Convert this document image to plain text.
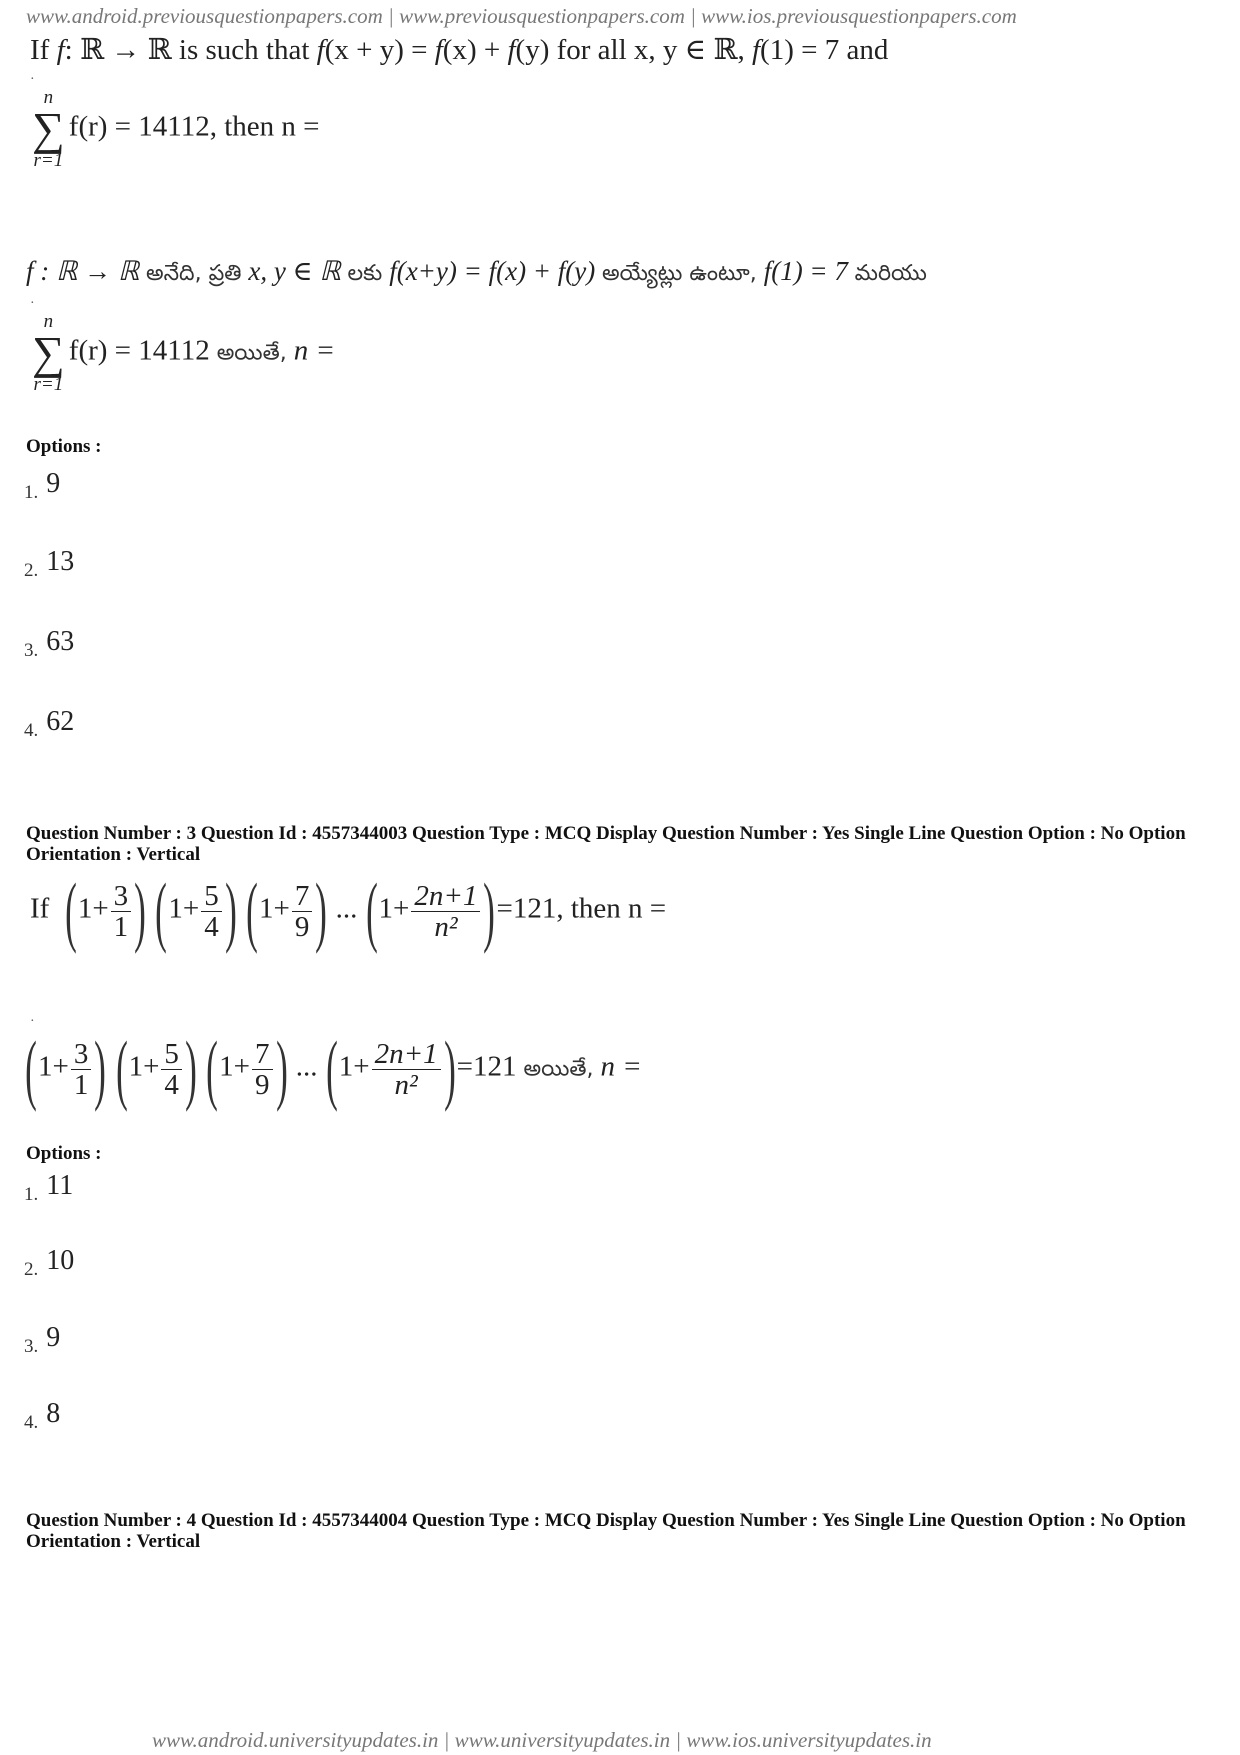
www.android.previousquestionpapers.com | www.previousquestionpapers.com | www.ios.previousquestionpapers.com
If f: ℝ → ℝ is such that f(x + y) = f(x) + f(y) for all x, y ∈ ℝ, f(1) = 7 and
·
n
∑
r=1
f(r) = 14112, then n =
f : ℝ → ℝ అనేది, ప్రతి x, y ∈ ℝ లకు f(x+y) = f(x) + f(y) అయ్యేట్లు ఉంటూ, f(1) = 7 మరియు
·
n
∑
r=1
f(r) = 14112 అయితే, n =
Options :
$_{1.}$ 9
$_{2.}$ 13
$_{3.}$ 63
$_{4.}$ 62
Question Number : 3 Question Id : 4557344003 Question Type : MCQ Display Question Number : Yes Single Line Question Option : No Option Orientation : Vertical
If ($1+ \frac{3}{1}$ ) ($1+ \frac{5}{4}$ ) ($1+ \frac{7}{9}$ ) ... $(1+ \frac{2n+1}{\text{n²}} )=121$, then n =
·
($1+ \frac{3}{1}$ ) ($1+ \frac{5}{4}$ ) ($1+ \frac{7}{9}$ ) ... $(1+ \frac{2n+1}{\text{n²}} )=121$ అయితే, n =
Options :
$_{1.}$ 11
$_{2.}$ 10
$_{3.}$ 9
$_{4.}$ 8
Question Number : 4 Question Id : 4557344004 Question Type : MCQ Display Question Number : Yes Single Line Question Option : No Option Orientation : Vertical
www.android.universityupdates.in | www.universityupdates.in | www.ios.universityupdates.in
